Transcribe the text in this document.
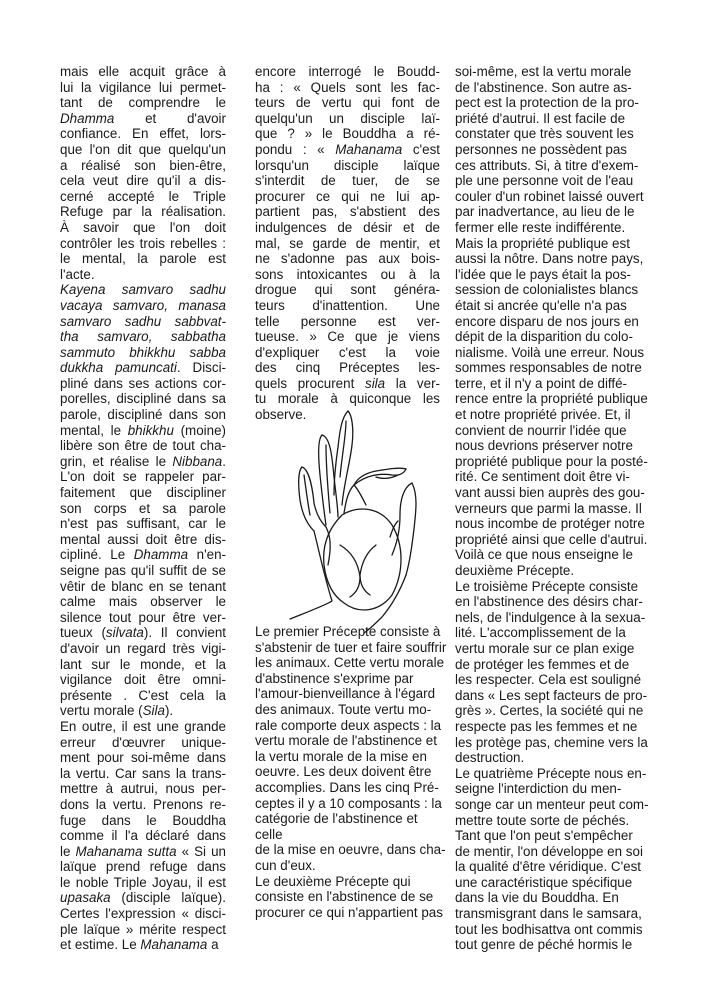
mais elle acquit grâce à
lui la vigilance lui permet-
tant de comprendre le
Dhamma et d'avoir
confiance. En effet, lors-
que l'on dit que quelqu'un
a réalisé son bien-être,
cela veut dire qu'il a dis-
cerné accepté le Triple
Refuge par la réalisation.
À savoir que l'on doit
contrôler les trois rebelles :
le mental, la parole est
l'acte.
Kayena samvaro sadhu
vacaya samvaro, manasa
samvaro sadhu sabbvat-
tha samvaro, sabbatha
sammuto bhikkhu sabba
dukkha pamuncati. Disci-
pliné dans ses actions cor-
porelles, discipliné dans sa
parole, discipliné dans son
mental, le bhikkhu (moine)
libère son être de tout cha-
grin, et réalise le Nibbana.
L'on doit se rappeler par-
faitement que discipliner
son corps et sa parole
n'est pas suffisant, car le
mental aussi doit être dis-
cipliné. Le Dhamma n'en-
seigne pas qu'il suffit de se
vêtir de blanc en se tenant
calme mais observer le
silence tout pour être ver-
tueux (silvata). Il convient
d'avoir un regard très vigi-
lant sur le monde, et la
vigilance doit être omni-
présente . C'est cela la
vertu morale (Sila).
En outre, il est une grande
erreur d'œuvrer unique-
ment pour soi-même dans
la vertu. Car sans la trans-
mettre à autrui, nous per-
dons la vertu. Prenons re-
fuge dans le Bouddha
comme il l'a déclaré dans
le Mahanama sutta « Si un
laïque prend refuge dans
le noble Triple Joyau, il est
upasaka (disciple laïque).
Certes l'expression « disci-
ple laïque » mérite respect
et estime. Le Mahanama a
encore interrogé le Boudd-
ha : « Quels sont les fac-
teurs de vertu qui font de
quelqu'un un disciple laï-
que ? » le Bouddha a ré-
pondu : « Mahanama c'est
lorsqu'un disciple laïque
s'interdit de tuer, de se
procurer ce qui ne lui ap-
partient pas, s'abstient des
indulgences de désir et de
mal, se garde de mentir, et
ne s'adonne pas aux bois-
sons intoxicantes ou à la
drogue qui sont généra-
teurs d'inattention. Une
telle personne est ver-
tueuse. » Ce que je viens
d'expliquer c'est la voie
des cinq Préceptes les-
quels procurent sila la ver-
tu morale à quiconque les
observe.
Le premier Précepte consiste à
s'abstenir de tuer et faire souffrir
les animaux. Cette vertu morale
d'abstinence s'exprime par
l'amour-bienveillance à l'égard
des animaux. Toute vertu mo-
rale comporte deux aspects : la
vertu morale de l'abstinence et
la vertu morale de la mise en
oeuvre. Les deux doivent être
accomplies. Dans les cinq Pré-
ceptes il y a 10 composants : la
catégorie de l'abstinence et celle
de la mise en oeuvre, dans cha-
cun d'eux.
Le deuxième Précepte qui
consiste en l'abstinence de se
procurer ce qui n'appartient pas
soi-même, est la vertu morale
de l'abstinence. Son autre as-
pect est la protection de la pro-
priété d'autrui. Il est facile de
constater que très souvent les
personnes ne possèdent pas
ces attributs. Si, à titre d'exem-
ple une personne voit de l'eau
couler d'un robinet laissé ouvert
par inadvertance, au lieu de le
fermer elle reste indifférente.
Mais la propriété publique est
aussi la nôtre. Dans notre pays,
l'idée que le pays était la pos-
session de colonialistes blancs
était si ancrée qu'elle n'a pas
encore disparu de nos jours en
dépit de la disparition du colo-
nialisme. Voilà une erreur. Nous
sommes responsables de notre
terre, et il n'y a point de diffé-
rence entre la propriété publique
et notre propriété privée. Et, il
convient de nourrir l'idée que
nous devrions préserver notre
propriété publique pour la posté-
rité. Ce sentiment doit être vi-
vant aussi bien auprès des gou-
verneurs que parmi la masse. Il
nous incombe de protéger notre
propriété ainsi que celle d'autrui.
Voilà ce que nous enseigne le
deuxième Précepte.
Le troisième Précepte consiste
en l'abstinence des désirs char-
nels, de l'indulgence à la sexua-
lité. L'accomplissement de la
vertu morale sur ce plan exige
de protéger les femmes et de
les respecter. Cela est souligné
dans « Les sept facteurs de pro-
grès ». Certes, la société qui ne
respecte pas les femmes et ne
les protège pas, chemine vers la
destruction.
Le quatrième Précepte nous en-
seigne l'interdiction du men-
songe car un menteur peut com-
mettre toute sorte de péchés.
Tant que l'on peut s'empêcher
de mentir, l'on développe en soi
la qualité d'être véridique. C'est
une caractéristique spécifique
dans la vie du Bouddha. En
transmisgrant dans le samsara,
tout les bodhisattva ont commis
tout genre de péché hormis le
